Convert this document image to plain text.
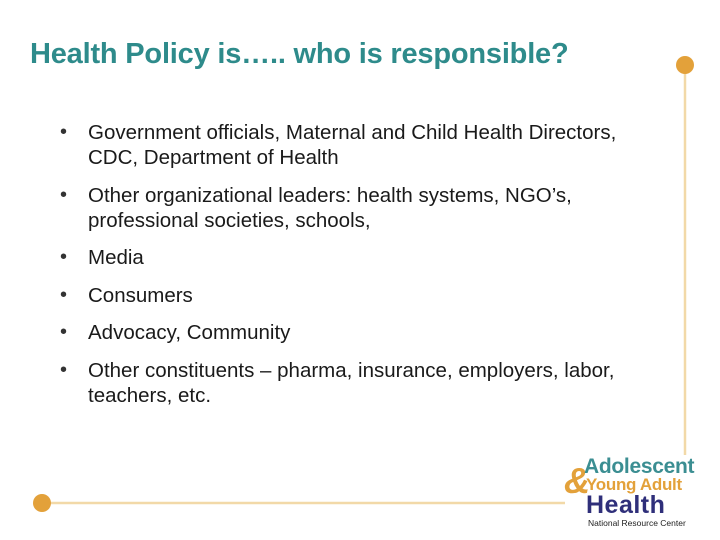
Health Policy is….. who is responsible?
• Government officials, Maternal and Child Health Directors, CDC, Department of Health
• Other organizational leaders: health systems, NGO’s, professional societies, schools,
• Media
• Consumers
• Advocacy, Community
• Other constituents – pharma, insurance, employers, labor, teachers, etc.
&
Adolescent
Young Adult
Health
National Resource Center
